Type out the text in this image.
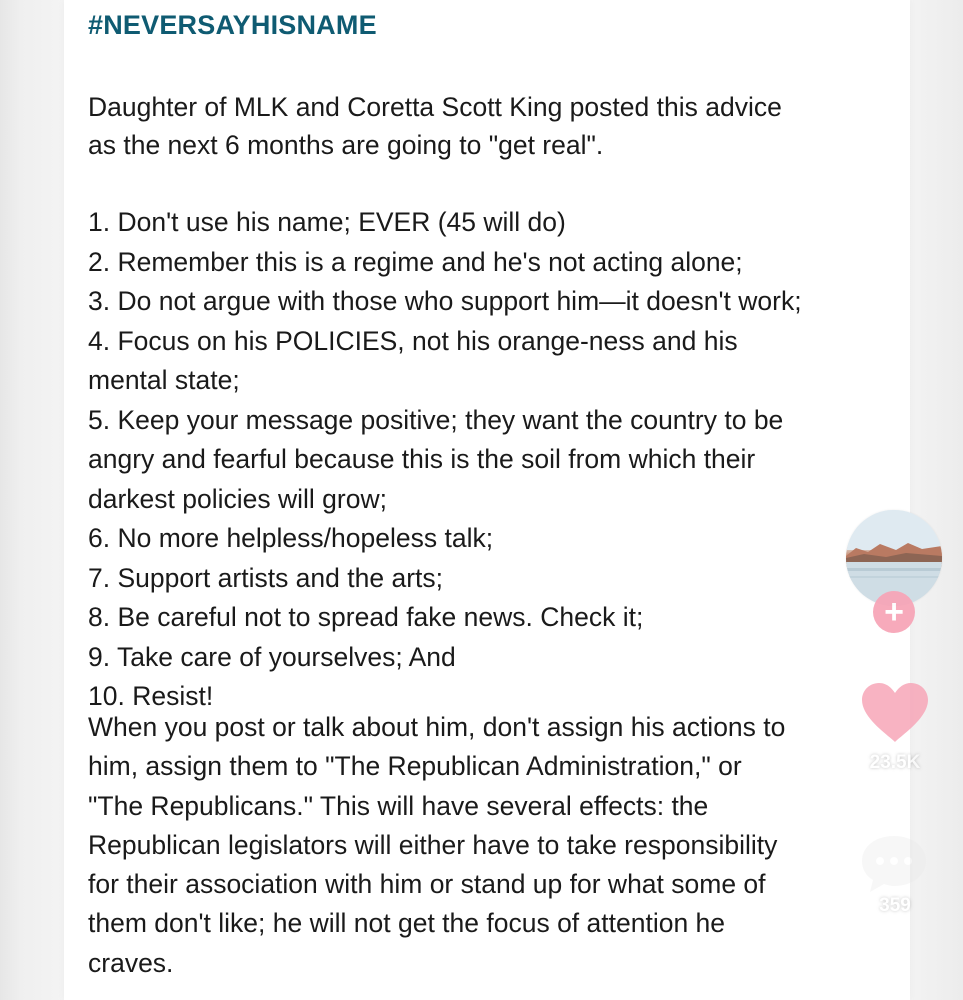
#NEVERSAYHISNAME
Daughter of MLK and Coretta Scott King posted this advice
as the next 6 months are going to "get real".
1. Don't use his name; EVER (45 will do)
2. Remember this is a regime and he's not acting alone;
3. Do not argue with those who support him—it doesn't work;
4. Focus on his POLICIES, not his orange-ness and his
mental state;
5. Keep your message positive; they want the country to be
angry and fearful because this is the soil from which their
darkest policies will grow;
6. No more helpless/hopeless talk;
7. Support artists and the arts;
8. Be careful not to spread fake news. Check it;
9. Take care of yourselves; And
10. Resist!
When you post or talk about him, don't assign his actions to
him, assign them to "The Republican Administration," or
"The Republicans." This will have several effects: the
Republican legislators will either have to take responsibility
for their association with him or stand up for what some of
them don't like; he will not get the focus of attention he
craves.
+
23.5K
359
